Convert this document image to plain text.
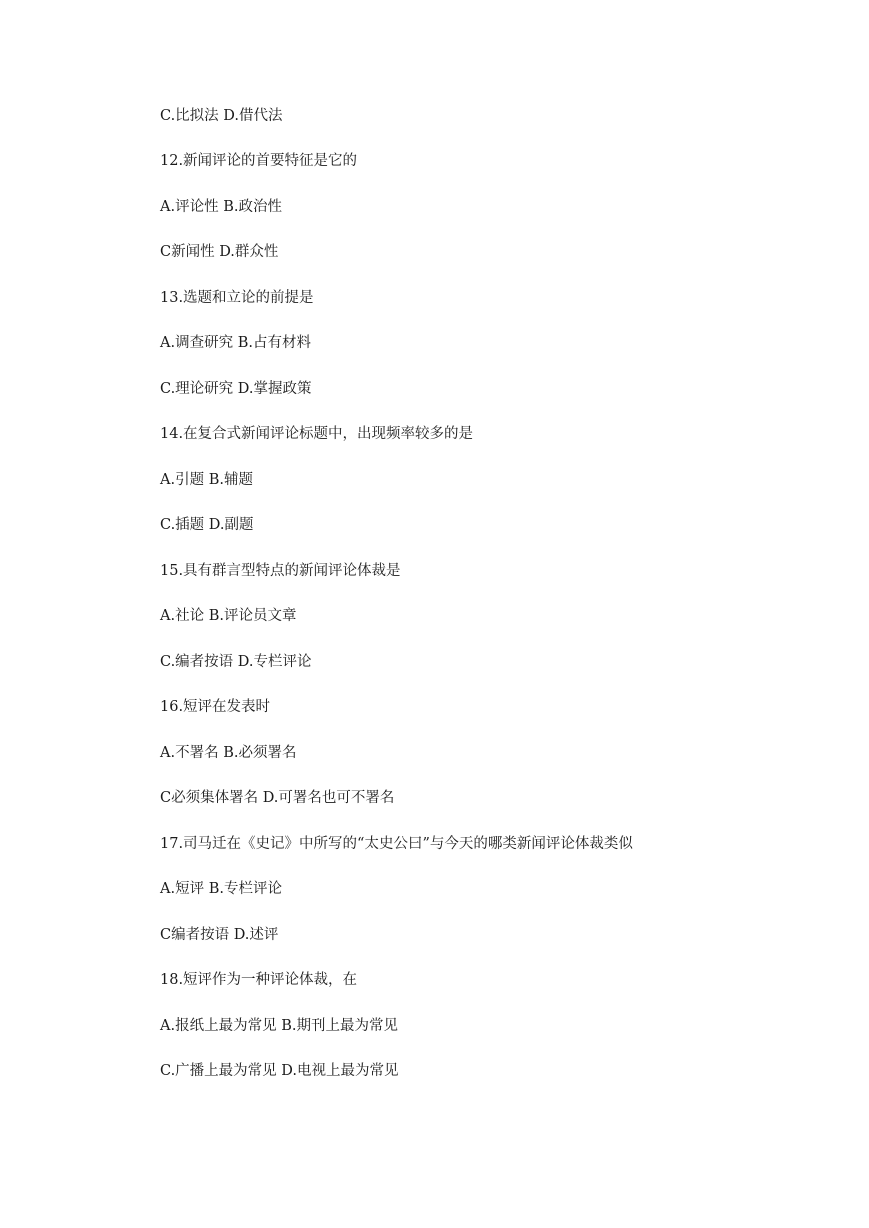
C.比拟法 D.借代法

12.新闻评论的首要特征是它的

A.评论性 B.政治性

C新闻性 D.群众性

13.选题和立论的前提是

A.调查研究 B.占有材料

C.理论研究 D.掌握政策

14.在复合式新闻评论标题中，出现频率较多的是

A.引题 B.辅题

C.插题 D.副题

15.具有群言型特点的新闻评论体裁是

A.社论 B.评论员文章

C.编者按语 D.专栏评论

16.短评在发表时

A.不署名 B.必须署名

C必须集体署名 D.可署名也可不署名

17.司马迁在《史记》中所写的“太史公曰”与今天的哪类新闻评论体裁类似

A.短评 B.专栏评论

C编者按语 D.述评

18.短评作为一种评论体裁，在

A.报纸上最为常见 B.期刊上最为常见

C.广播上最为常见 D.电视上最为常见
